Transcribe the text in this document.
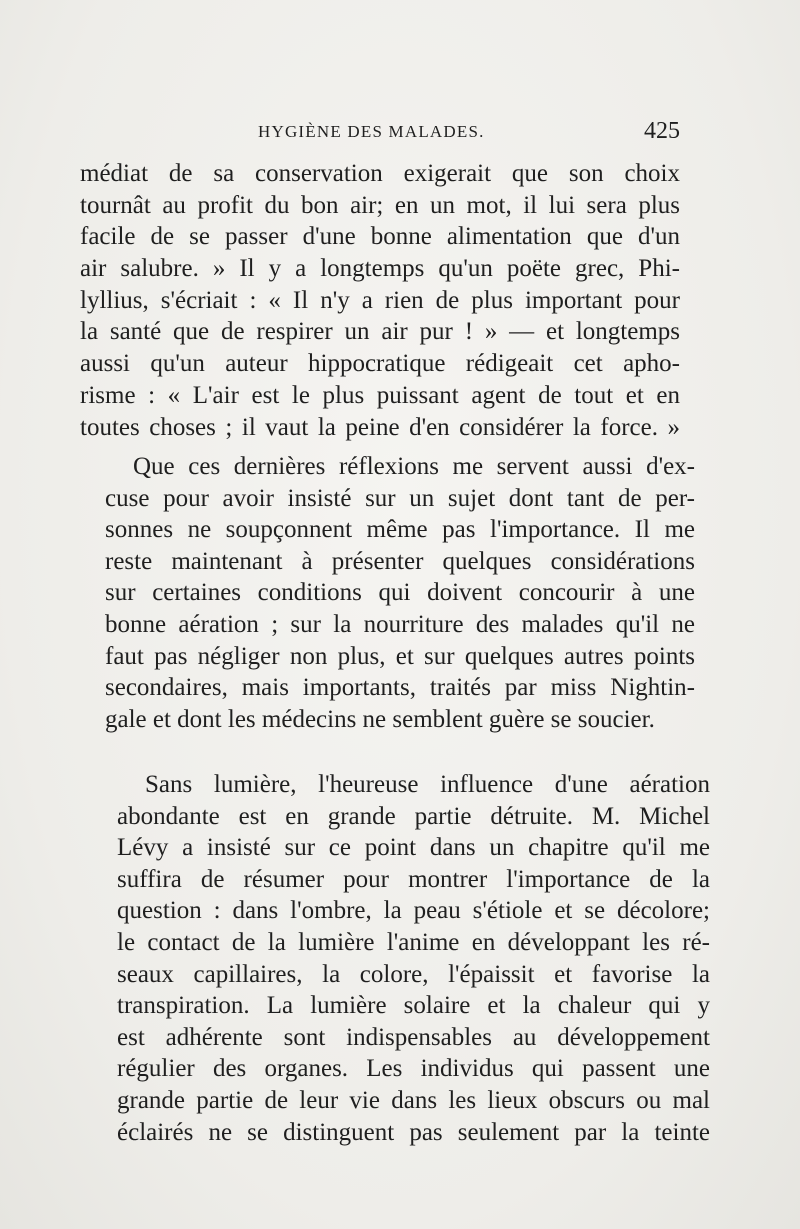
HYGIÈNE DES MALADES.	425
médiat de sa conservation exigerait que son choix
tournât au profit du bon air; en un mot, il lui sera plus
facile de se passer d'une bonne alimentation que d'un
air salubre. » Il y a longtemps qu'un poëte grec, Phi-
lyllius, s'écriait : « Il n'y a rien de plus important pour
la santé que de respirer un air pur ! » — et longtemps
aussi qu'un auteur hippocratique rédigeait cet apho-
risme : « L'air est le plus puissant agent de tout et en
toutes choses ; il vaut la peine d'en considérer la force. »
Que ces dernières réflexions me servent aussi d'ex-
cuse pour avoir insisté sur un sujet dont tant de per-
sonnes ne soupçonnent même pas l'importance. Il me
reste maintenant à présenter quelques considérations
sur certaines conditions qui doivent concourir à une
bonne aération ; sur la nourriture des malades qu'il ne
faut pas négliger non plus, et sur quelques autres points
secondaires, mais importants, traités par miss Nightin-
gale et dont les médecins ne semblent guère se soucier.
Sans lumière, l'heureuse influence d'une aération
abondante est en grande partie détruite. M. Michel
Lévy a insisté sur ce point dans un chapitre qu'il me
suffira de résumer pour montrer l'importance de la
question : dans l'ombre, la peau s'étiole et se décolore;
le contact de la lumière l'anime en développant les ré-
seaux capillaires, la colore, l'épaissit et favorise la
transpiration. La lumière solaire et la chaleur qui y
est adhérente sont indispensables au développement
régulier des organes. Les individus qui passent une
grande partie de leur vie dans les lieux obscurs ou mal
éclairés ne se distinguent pas seulement par la teinte
